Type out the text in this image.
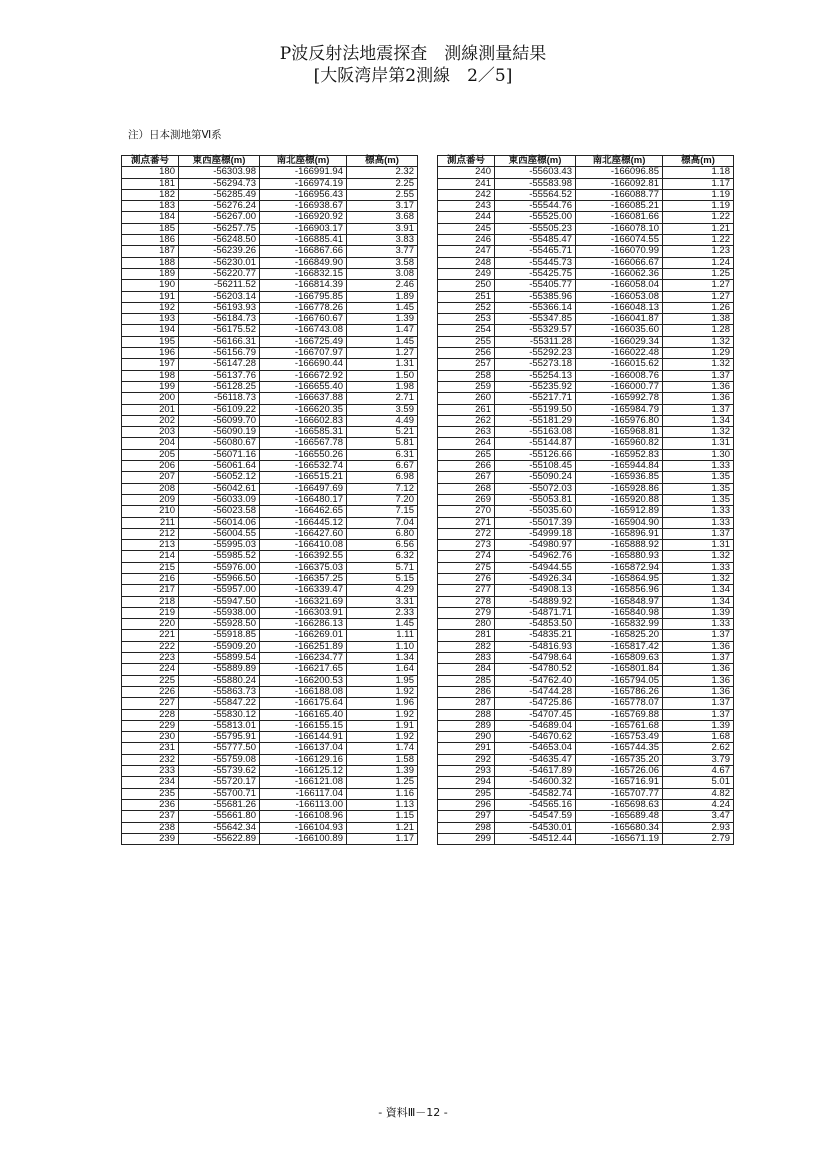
P波反射法地震探査　測線測量結果
[大阪湾岸第2測線　2／5]
注）日本測地第Ⅵ系
測点番号	東西座標(m)	南北座標(m)	標高(m)
180	-56303.98	-166991.94	2.32
181	-56294.73	-166974.19	2.25
182	-56285.49	-166956.43	2.55
183	-56276.24	-166938.67	3.17
184	-56267.00	-166920.92	3.68
185	-56257.75	-166903.17	3.91
186	-56248.50	-166885.41	3.83
187	-56239.26	-166867.66	3.77
188	-56230.01	-166849.90	3.58
189	-56220.77	-166832.15	3.08
190	-56211.52	-166814.39	2.46
191	-56203.14	-166795.85	1.89
192	-56193.93	-166778.26	1.45
193	-56184.73	-166760.67	1.39
194	-56175.52	-166743.08	1.47
195	-56166.31	-166725.49	1.45
196	-56156.79	-166707.97	1.27
197	-56147.28	-166690.44	1.31
198	-56137.76	-166672.92	1.50
199	-56128.25	-166655.40	1.98
200	-56118.73	-166637.88	2.71
201	-56109.22	-166620.35	3.59
202	-56099.70	-166602.83	4.49
203	-56090.19	-166585.31	5.21
204	-56080.67	-166567.78	5.81
205	-56071.16	-166550.26	6.31
206	-56061.64	-166532.74	6.67
207	-56052.12	-166515.21	6.98
208	-56042.61	-166497.69	7.12
209	-56033.09	-166480.17	7.20
210	-56023.58	-166462.65	7.15
211	-56014.06	-166445.12	7.04
212	-56004.55	-166427.60	6.80
213	-55995.03	-166410.08	6.56
214	-55985.52	-166392.55	6.32
215	-55976.00	-166375.03	5.71
216	-55966.50	-166357.25	5.15
217	-55957.00	-166339.47	4.29
218	-55947.50	-166321.69	3.31
219	-55938.00	-166303.91	2.33
220	-55928.50	-166286.13	1.45
221	-55918.85	-166269.01	1.11
222	-55909.20	-166251.89	1.10
223	-55899.54	-166234.77	1.34
224	-55889.89	-166217.65	1.64
225	-55880.24	-166200.53	1.95
226	-55863.73	-166188.08	1.92
227	-55847.22	-166175.64	1.96
228	-55830.12	-166165.40	1.92
229	-55813.01	-166155.15	1.91
230	-55795.91	-166144.91	1.92
231	-55777.50	-166137.04	1.74
232	-55759.08	-166129.16	1.58
233	-55739.62	-166125.12	1.39
234	-55720.17	-166121.08	1.25
235	-55700.71	-166117.04	1.16
236	-55681.26	-166113.00	1.13
237	-55661.80	-166108.96	1.15
238	-55642.34	-166104.93	1.21
239	-55622.89	-166100.89	1.17
測点番号	東西座標(m)	南北座標(m)	標高(m)
240	-55603.43	-166096.85	1.18
241	-55583.98	-166092.81	1.17
242	-55564.52	-166088.77	1.19
243	-55544.76	-166085.21	1.19
244	-55525.00	-166081.66	1.22
245	-55505.23	-166078.10	1.21
246	-55485.47	-166074.55	1.22
247	-55465.71	-166070.99	1.23
248	-55445.73	-166066.67	1.24
249	-55425.75	-166062.36	1.25
250	-55405.77	-166058.04	1.27
251	-55385.96	-166053.08	1.27
252	-55366.14	-166048.13	1.26
253	-55347.85	-166041.87	1.38
254	-55329.57	-166035.60	1.28
255	-55311.28	-166029.34	1.32
256	-55292.23	-166022.48	1.29
257	-55273.18	-166015.62	1.32
258	-55254.13	-166008.76	1.37
259	-55235.92	-166000.77	1.36
260	-55217.71	-165992.78	1.36
261	-55199.50	-165984.79	1.37
262	-55181.29	-165976.80	1.34
263	-55163.08	-165968.81	1.32
264	-55144.87	-165960.82	1.31
265	-55126.66	-165952.83	1.30
266	-55108.45	-165944.84	1.33
267	-55090.24	-165936.85	1.35
268	-55072.03	-165928.86	1.35
269	-55053.81	-165920.88	1.35
270	-55035.60	-165912.89	1.33
271	-55017.39	-165904.90	1.33
272	-54999.18	-165896.91	1.37
273	-54980.97	-165888.92	1.31
274	-54962.76	-165880.93	1.32
275	-54944.55	-165872.94	1.33
276	-54926.34	-165864.95	1.32
277	-54908.13	-165856.96	1.34
278	-54889.92	-165848.97	1.34
279	-54871.71	-165840.98	1.39
280	-54853.50	-165832.99	1.33
281	-54835.21	-165825.20	1.37
282	-54816.93	-165817.42	1.36
283	-54798.64	-165809.63	1.37
284	-54780.52	-165801.84	1.36
285	-54762.40	-165794.05	1.36
286	-54744.28	-165786.26	1.36
287	-54725.86	-165778.07	1.37
288	-54707.45	-165769.88	1.37
289	-54689.04	-165761.68	1.39
290	-54670.62	-165753.49	1.68
291	-54653.04	-165744.35	2.62
292	-54635.47	-165735.20	3.79
293	-54617.89	-165726.06	4.67
294	-54600.32	-165716.91	5.01
295	-54582.74	-165707.77	4.82
296	-54565.16	-165698.63	4.24
297	-54547.59	-165689.48	3.47
298	-54530.01	-165680.34	2.93
299	-54512.44	-165671.19	2.79
- 資料Ⅲ－12 -
